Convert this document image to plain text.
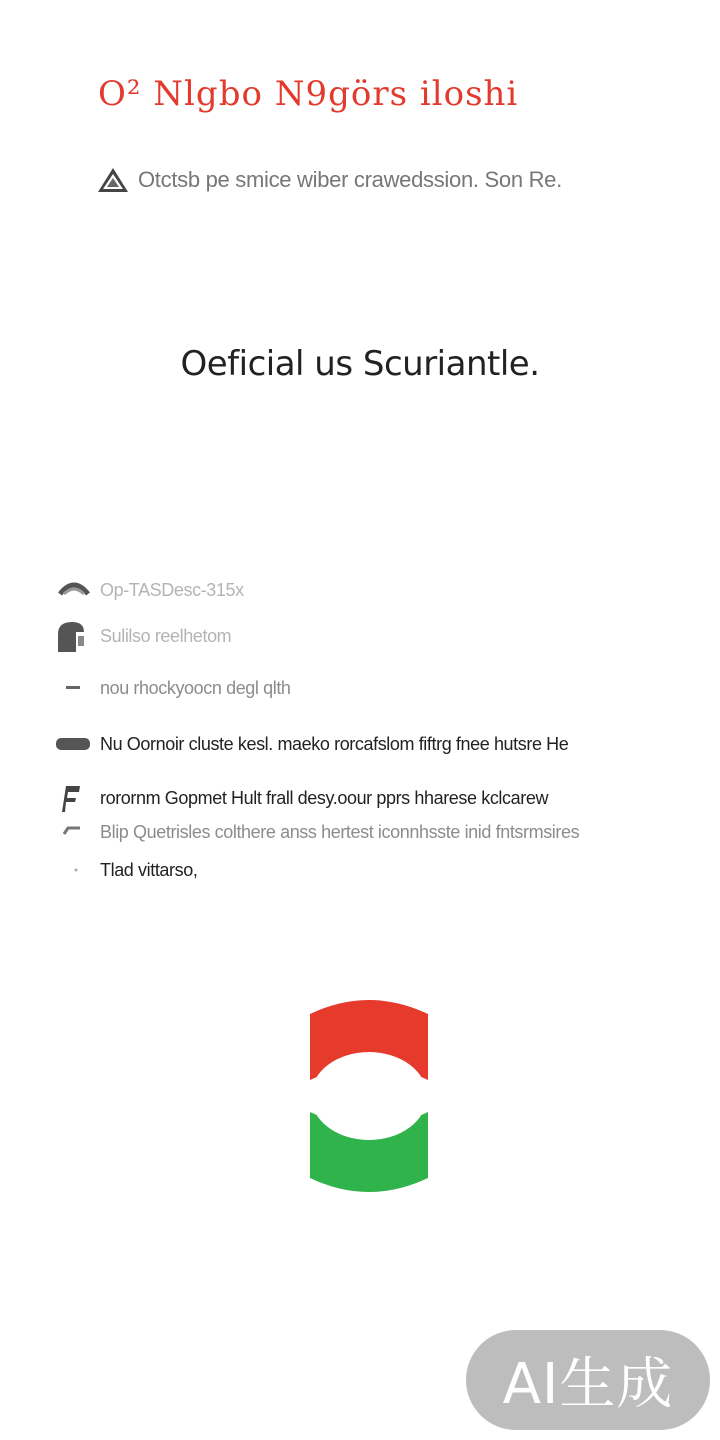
O² Nlgbo N9görs iloshi
Otctsb pe smice wiber crawedssion. Son Re.
Oeficial us Scuriantle.
Op-TASDesc-315x
Sulilso reelhetom
nou rhockyoocn degl qlth
Nu Oornoir cluste kesl. maeko rorcafslom fiftrg fnee hutsre He
rorornm Gopmet Hult frall desy.oour pprs hharese kclcarew
Blip Quetrisles colthere anss hertest iconnhsste inid fntsrmsires
Tlad vittarso,
AI生成
